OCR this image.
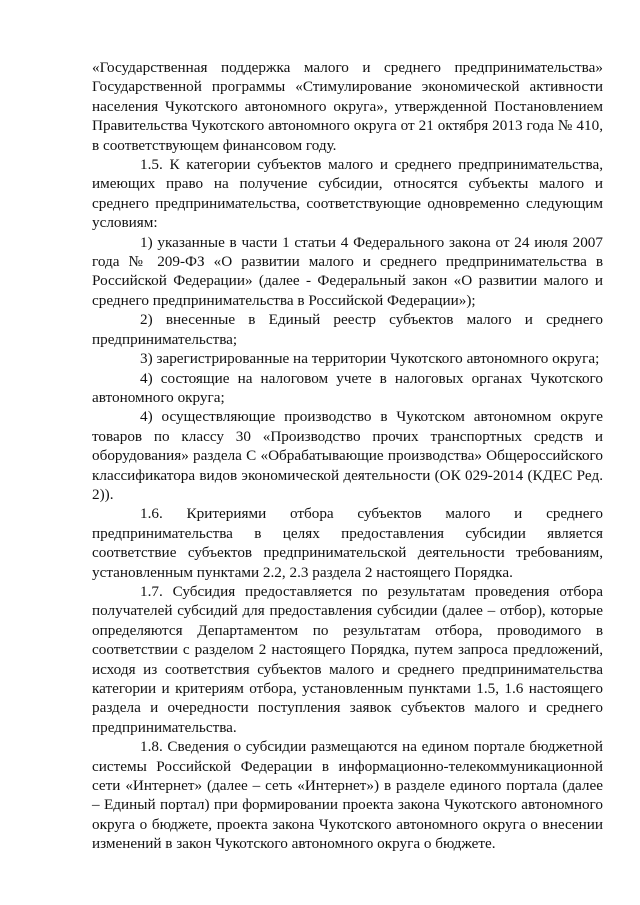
«Государственная поддержка малого и среднего предпринимательства» Государственной программы «Стимулирование экономической активности населения Чукотского автономного округа», утвержденной Постановлением Правительства Чукотского автономного округа от 21 октября 2013 года № 410, в соответствующем финансовом году.

1.5. К категории субъектов малого и среднего предпринимательства, имеющих право на получение субсидии, относятся субъекты малого и среднего предпринимательства, соответствующие одновременно следующим условиям:

1) указанные в части 1 статьи 4 Федерального закона от 24 июля 2007 года № 209-ФЗ «О развитии малого и среднего предпринимательства в Российской Федерации» (далее - Федеральный закон «О развитии малого и среднего предпринимательства в Российской Федерации»);

2) внесенные в Единый реестр субъектов малого и среднего предпринимательства;

3) зарегистрированные на территории Чукотского автономного округа;

4) состоящие на налоговом учете в налоговых органах Чукотского автономного округа;

4) осуществляющие производство в Чукотском автономном округе товаров по классу 30 «Производство прочих транспортных средств и оборудования» раздела С «Обрабатывающие производства» Общероссийского классификатора видов экономической деятельности (ОК 029-2014 (КДЕС Ред. 2)).

1.6. Критериями отбора субъектов малого и среднего предпринимательства в целях предоставления субсидии является соответствие субъектов предпринимательской деятельности требованиям, установленным пунктами 2.2, 2.3 раздела 2 настоящего Порядка.

1.7. Субсидия предоставляется по результатам проведения отбора получателей субсидий для предоставления субсидии (далее – отбор), которые определяются Департаментом по результатам отбора, проводимого в соответствии с разделом 2 настоящего Порядка, путем запроса предложений, исходя из соответствия субъектов малого и среднего предпринимательства категории и критериям отбора, установленным пунктами 1.5, 1.6 настоящего раздела и очередности поступления заявок субъектов малого и среднего предпринимательства.

1.8. Сведения о субсидии размещаются на едином портале бюджетной системы Российской Федерации в информационно-телекоммуникационной сети «Интернет» (далее – сеть «Интернет») в разделе единого портала (далее – Единый портал) при формировании проекта закона Чукотского автономного округа о бюджете, проекта закона Чукотского автономного округа о внесении изменений в закон Чукотского автономного округа о бюджете.
